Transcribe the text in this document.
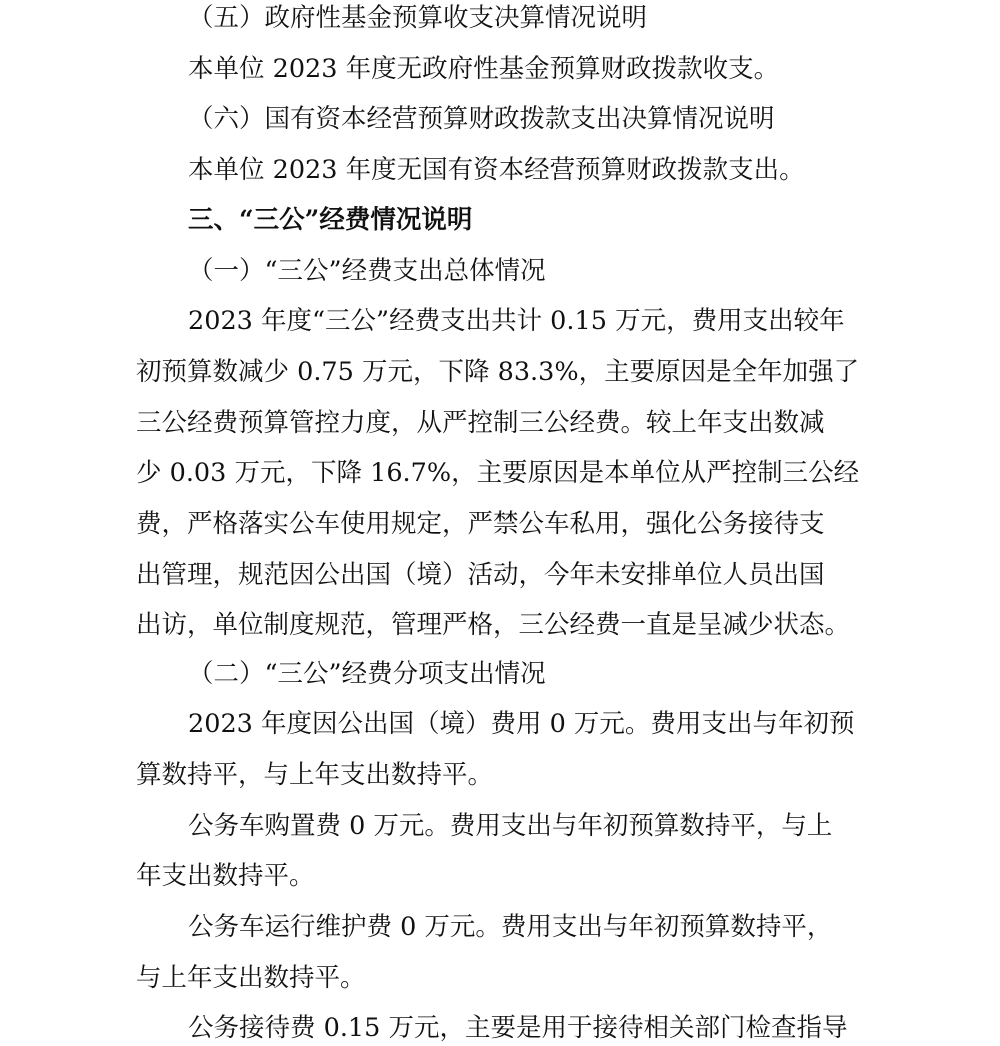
（五）政府性基金预算收支决算情况说明
本单位 2023 年度无政府性基金预算财政拨款收支。
（六）国有资本经营预算财政拨款支出决算情况说明
本单位 2023 年度无国有资本经营预算财政拨款支出。
三、“三公”经费情况说明
（一）“三公”经费支出总体情况
2023 年度“三公”经费支出共计 0.15 万元，费用支出较年
初预算数减少 0.75 万元，下降 83.3%，主要原因是全年加强了
三公经费预算管控力度，从严控制三公经费。较上年支出数减
少 0.03 万元，下降 16.7%，主要原因是本单位从严控制三公经
费，严格落实公车使用规定，严禁公车私用，强化公务接待支
出管理，规范因公出国（境）活动，今年未安排单位人员出国
出访，单位制度规范，管理严格，三公经费一直是呈减少状态。
（二）“三公”经费分项支出情况
2023 年度因公出国（境）费用 0 万元。费用支出与年初预
算数持平，与上年支出数持平。
公务车购置费 0 万元。费用支出与年初预算数持平，与上
年支出数持平。
公务车运行维护费 0 万元。费用支出与年初预算数持平，
与上年支出数持平。
公务接待费 0.15 万元，主要是用于接待相关部门检查指导
